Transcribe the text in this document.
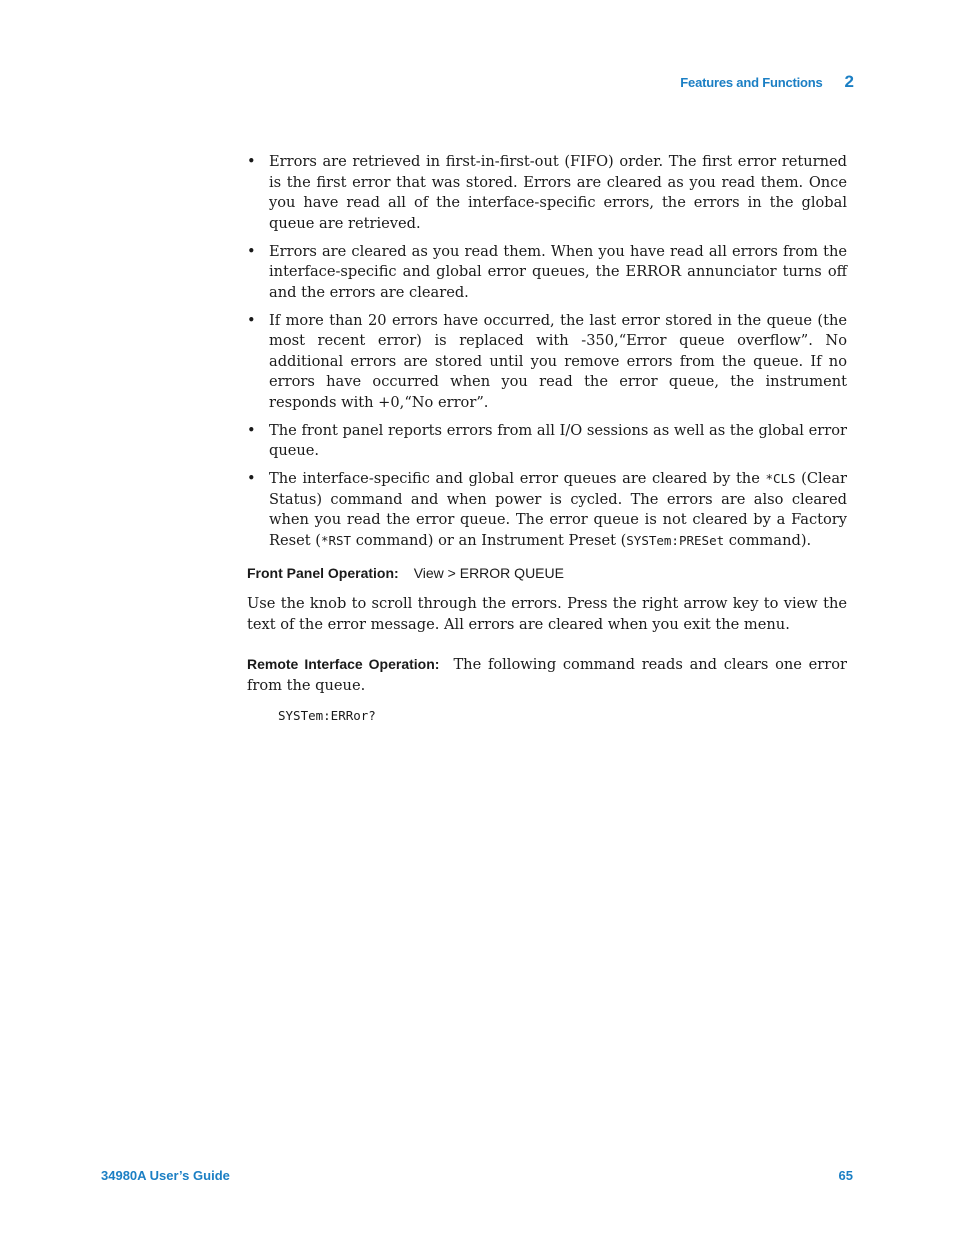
Features and Functions 2
• Errors are retrieved in first-in-first-out (FIFO) order. The first error returned is the first error that was stored. Errors are cleared as you read them. Once you have read all of the interface-specific errors, the errors in the global queue are retrieved.
• Errors are cleared as you read them. When you have read all errors from the interface-specific and global error queues, the ERROR annunciator turns off and the errors are cleared.
• If more than 20 errors have occurred, the last error stored in the queue (the most recent error) is replaced with -350,“Error queue overflow”. No additional errors are stored until you remove errors from the queue. If no errors have occurred when you read the error queue, the instrument responds with +0,“No error”.
• The front panel reports errors from all I/O sessions as well as the global error queue.
• The interface-specific and global error queues are cleared by the *CLS (Clear Status) command and when power is cycled. The errors are also cleared when you read the error queue. The error queue is not cleared by a Factory Reset (*RST command) or an Instrument Preset (SYSTem:PRESet command).
Front Panel Operation: View > ERROR QUEUE
Use the knob to scroll through the errors. Press the right arrow key to view the text of the error message. All errors are cleared when you exit the menu.
Remote Interface Operation: The following command reads and clears one error from the queue.
SYSTem:ERRor?
34980A User’s Guide	65
